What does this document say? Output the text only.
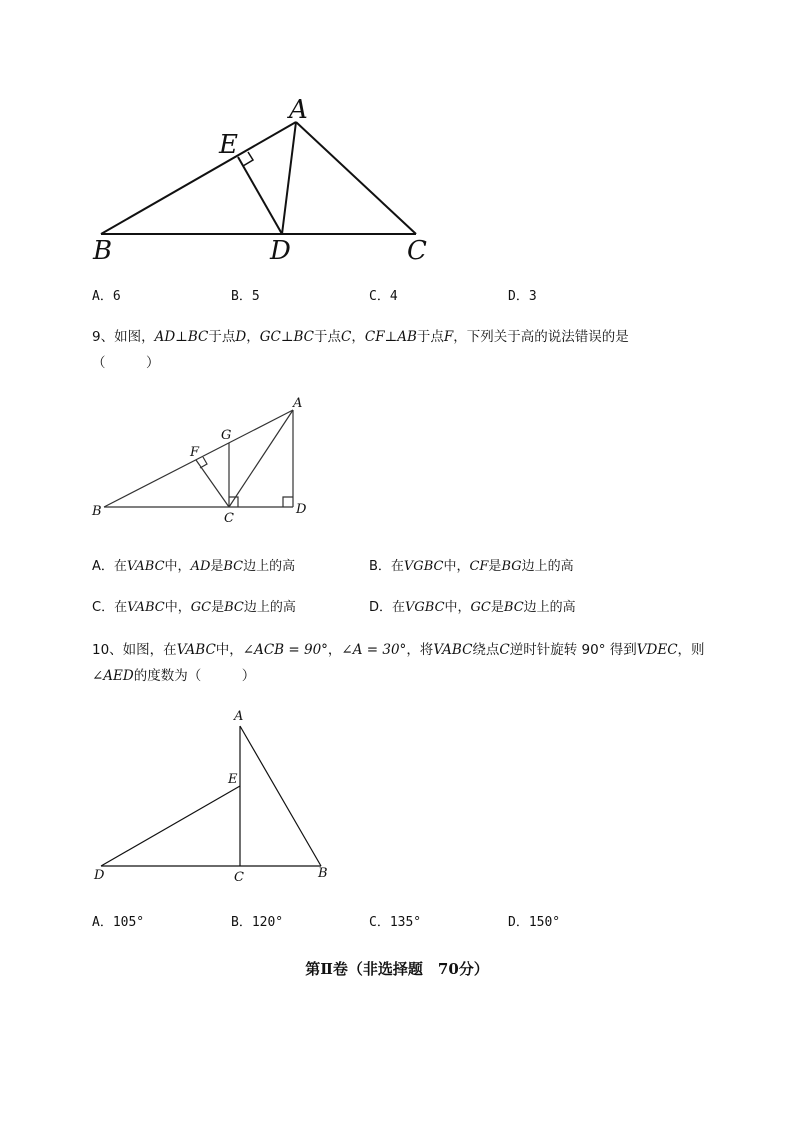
A
E
B	D	C
A．6	B．5	C．4	D．3
9、如图，AD⊥BC于点D，GC⊥BC于点C，CF⊥AB于点F，下列关于高的说法错误的是
（　　　）
A
G
F
B	C
D
A．在VABC中，AD是BC边上的高	B．在VGBC中，CF是BG边上的高
C．在VABC中，GC是BC边上的高	D．在VGBC中，GC是BC边上的高
10、如图，在VABC中，∠ACB = 90°，∠A = 30°，将VABC绕点C逆时针旋转 90° 得到VDEC，则
∠AED的度数为（　　　）
A
E
D	C	B
A．105°	B．120°	C．135°	D．150°
第Ⅱ卷（非选择题　70分）
